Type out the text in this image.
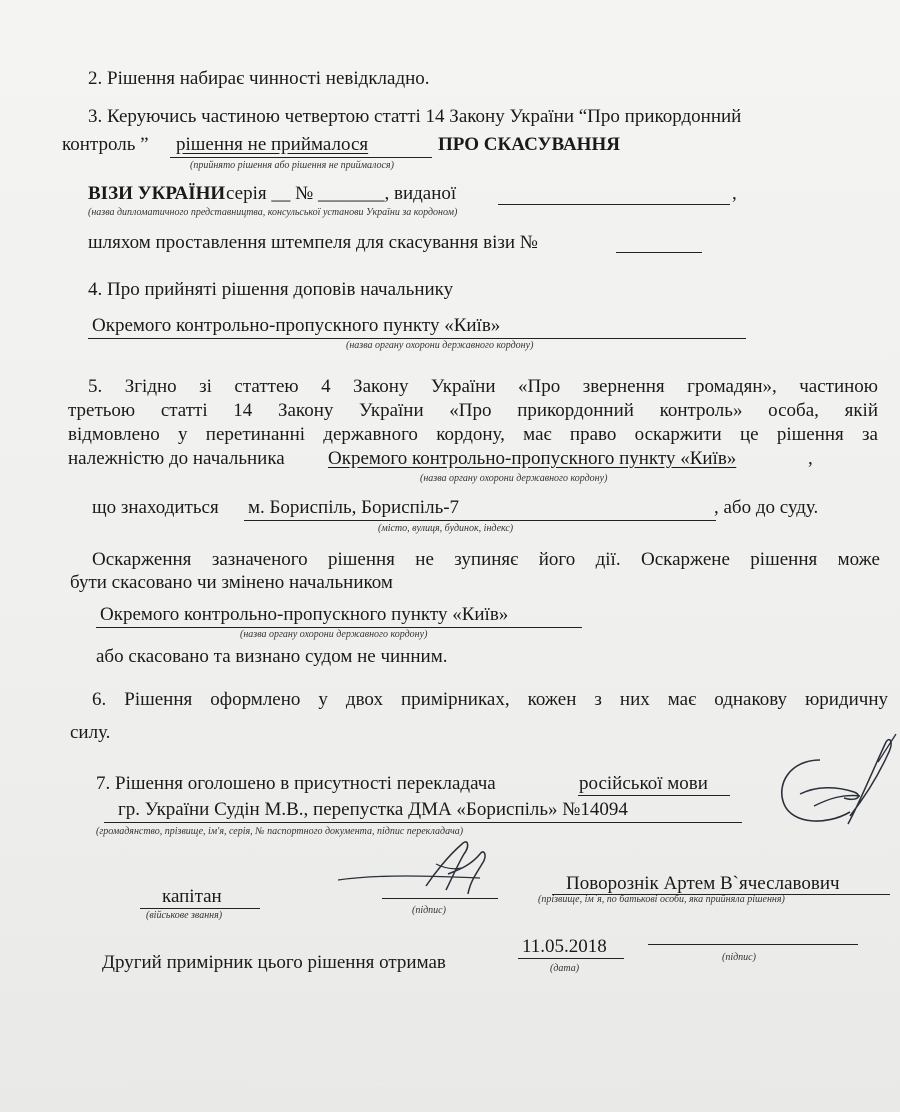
2. Рішення набирає чинності невідкладно.
3. Керуючись частиною четвертою статті 14 Закону України “Про прикордонний
контроль ” рішення не приймалося	ПРО СКАСУВАННЯ
(прийнято рішення або рішення не приймалося)
ВІЗИ УКРАЇНИ серія __ № _______, виданої	,
(назва дипломатичного представництва, консульської установи України за кордоном)
шляхом проставлення штемпеля для скасування візи №
4. Про прийняті рішення доповів начальнику
Окремого контрольно-пропускного пункту «Київ»
(назва органу охорони державного кордону)
5. Згідно зі статтею 4 Закону України «Про звернення громадян», частиною
третьою статті 14 Закону України «Про прикордонний контроль» особа, якій
відмовлено у перетинанні державного кордону, має право оскаржити це рішення за
належністю до начальника Окремого контрольно-пропускного пункту «Київ»	,
(назва органу охорони державного кордону)
що знаходиться м. Бориспіль, Бориспіль-7	, або до суду.
(місто, вулиця, будинок, індекс)
Оскарження зазначеного рішення не зупиняє його дії. Оскаржене рішення може
бути скасовано чи змінено начальником
Окремого контрольно-пропускного пункту «Київ»
(назва органу охорони державного кордону)
або скасовано та визнано судом не чинним.
6. Рішення оформлено у двох примірниках, кожен з них має однакову юридичну
силу.
7. Рішення оголошено в присутності перекладача	російської мови
гр. України Судін М.В., перепустка ДМА «Бориспіль» №14094
(громадянство, прізвище, ім'я, серія, № паспортного документа, підпис перекладача)
капітан
(військове звання)	(підпис)
Поворознік Артем В`ячеславович
(прізвище, ім`я, по батькові особи, яка прийняла рішення)
Другий примірник цього рішення отримав
11.05.2018
(дата)
(підпис)
